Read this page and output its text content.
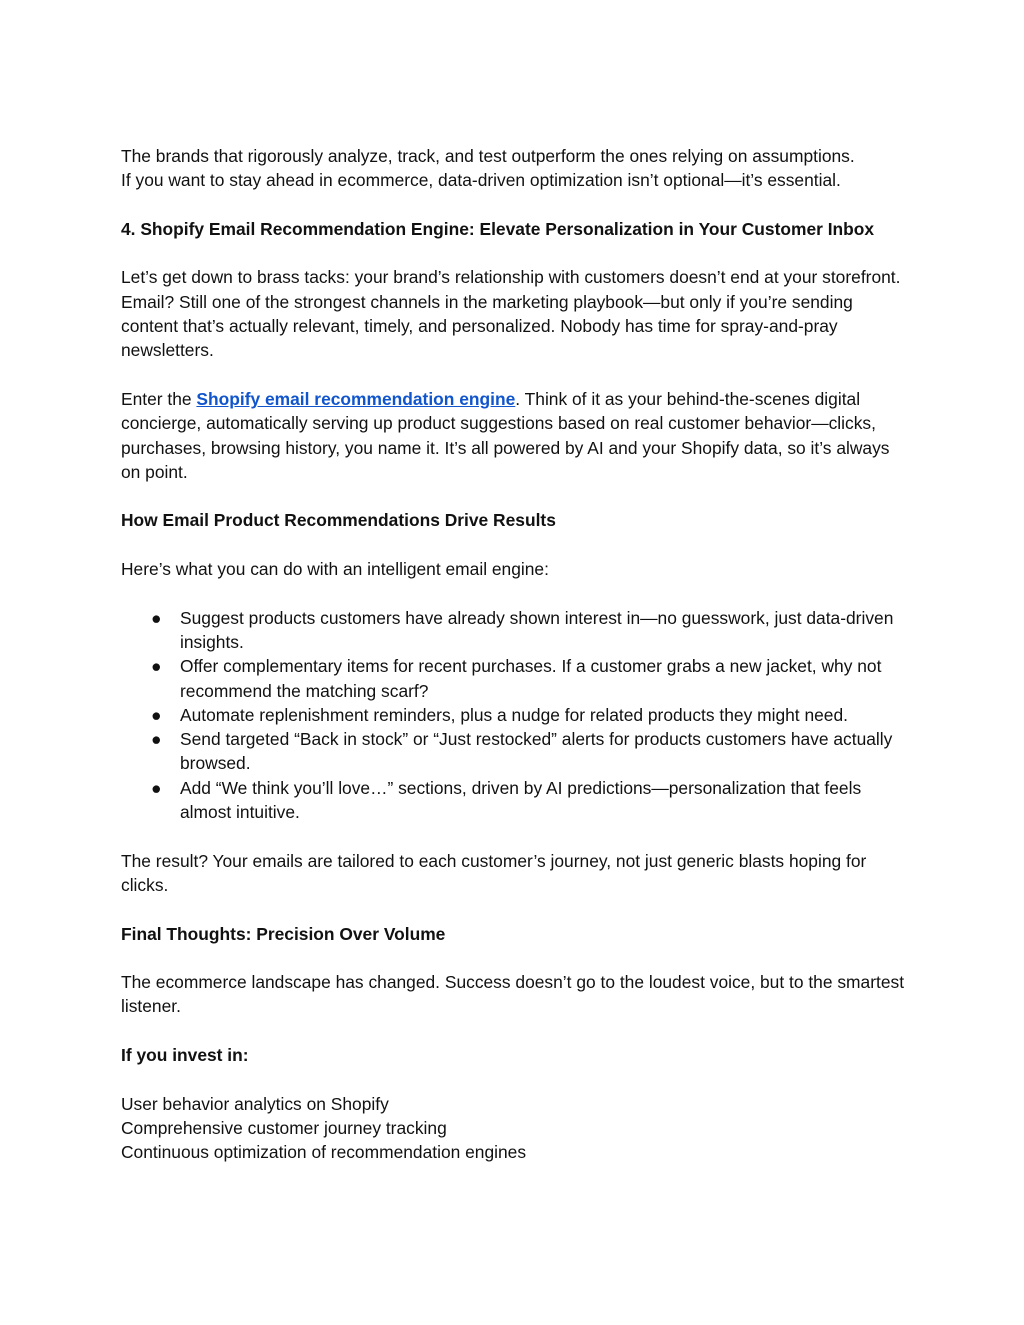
The brands that rigorously analyze, track, and test outperform the ones relying on assumptions.

If you want to stay ahead in ecommerce, data-driven optimization isn’t optional—it’s essential.

4. Shopify Email Recommendation Engine: Elevate Personalization in Your Customer Inbox

Let’s get down to brass tacks: your brand’s relationship with customers doesn’t end at your storefront. Email? Still one of the strongest channels in the marketing playbook—but only if you’re sending content that’s actually relevant, timely, and personalized. Nobody has time for spray-and-pray newsletters.

Enter the Shopify email recommendation engine. Think of it as your behind-the-scenes digital concierge, automatically serving up product suggestions based on real customer behavior—clicks, purchases, browsing history, you name it. It’s all powered by AI and your Shopify data, so it’s always on point.

How Email Product Recommendations Drive Results

Here’s what you can do with an intelligent email engine:

● Suggest products customers have already shown interest in—no guesswork, just data-driven insights.
● Offer complementary items for recent purchases. If a customer grabs a new jacket, why not recommend the matching scarf?
● Automate replenishment reminders, plus a nudge for related products they might need.
● Send targeted “Back in stock” or “Just restocked” alerts for products customers have actually browsed.
● Add “We think you’ll love…” sections, driven by AI predictions—personalization that feels almost intuitive.

The result? Your emails are tailored to each customer’s journey, not just generic blasts hoping for clicks.

Final Thoughts: Precision Over Volume

The ecommerce landscape has changed. Success doesn’t go to the loudest voice, but to the smartest listener.

If you invest in:

User behavior analytics on Shopify

Comprehensive customer journey tracking

Continuous optimization of recommendation engines
